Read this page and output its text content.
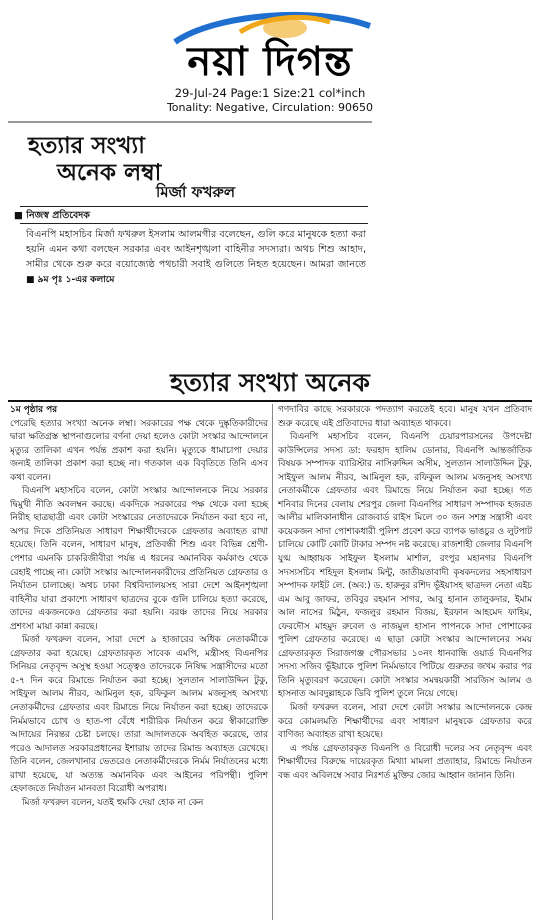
নয়া দিগন্ত
29-Jul-24 Page:1 Size:21 col*inch
Tonality: Negative, Circulation: 90650
হত্যার সংখ্যা
অনেক লম্বা
মির্জা ফখরুল
■ নিজস্ব প্রতিবেদক
বিএনপি মহাসচিব মির্জা ফখরুল ইসলাম আলমগীর বলেছেন, গুলি করে মানুষকে হত্যা করা হয়নি এমন কথা বলছেন সরকার এবং আইনশৃঙ্খলা বাহিনীর সদস্যরা। অথচ শিশু আহাদ, সামীর থেকে শুরু করে বয়োজ্যেষ্ঠ পথচারী সবাই গুলিতে নিহত হয়েছেন। আমরা জানতে ■ ৯ম পৃঃ ১-এর কলামে
হত্যার সংখ্যা অনেক
১ম পৃষ্ঠার পর

পেরেছি হত্যার সংখ্যা অনেক লম্বা। সরকারের পক্ষ থেকে দুষ্কৃতিকারীদের দ্বারা ক্ষতিগ্রস্ত স্থাপনাগুলোর বর্ণনা দেয়া হলেও কোটা সংস্কার আন্দোলনে মৃত্যুর তালিকা এখন পর্যন্ত প্রকাশ করা হয়নি। মৃত্যুকে ধামাচাপা দেয়ার জন্যই তালিকা প্রকাশ করা হচ্ছে না। গতকাল এক বিবৃতিতে তিনি এসব কথা বলেন।

বিএনপি মহাসচিব বলেন, কোটা সংস্কার আন্দোলনকে নিয়ে সরকার দ্বিমুখী নীতি অবলম্বন করছে। একদিকে সরকারের পক্ষ থেকে বলা হচ্ছে নিরীহ ছাত্রছাত্রী এবং কোটা সংস্কারের নেতাদেরকে নির্যাতন করা হবে না, অপর দিকে প্রতিনিয়ত সাধারণ শিক্ষার্থীদেরকে গ্রেফতার অব্যাহত রাখা হয়েছে। তিনি বলেন, সাধারণ মানুষ, প্রতিবন্ধী শিশু এবং বিভিন্ন শ্রেণী-পেশার এমনকি চাকরিজীবীরা পর্যন্ত এ ধরনের অমানবিক কর্মকাণ্ড থেকে রেহাই পাচ্ছে না। কোটা সংস্কার আন্দোলনকারীদের প্রতিনিয়ত গ্রেফতার ও নির্যাতন চালাচ্ছে। অথচ ঢাকা বিশ্ববিদ্যালয়সহ সারা দেশে আইনশৃঙ্খলা বাহিনীর যারা প্রকাশ্যে সাধারণ ছাত্রদের বুকে গুলি চালিয়ে হত্যা করেছে, তাদের একজনকেও গ্রেফতার করা হয়নি। বরঞ্চ তাদের নিয়ে সরকার প্রশংসা মায়া কান্না করছে।

মির্জা ফখরুল বলেন, সারা দেশে ৯ হাজারের অধিক নেতাকর্মীকে গ্রেফতার করা হয়েছে। গ্রেফতারকৃত সাবেক এমপি, মন্ত্রীসহ বিএনপির সিনিয়র নেতৃবৃন্দ অসুস্থ হওয়া সত্ত্বেও তাদেরকে নিষিদ্ধ সন্ত্রাসীদের মতো ৫-৭ দিন করে রিমান্ডে নির্যাতন করা হচ্ছে। সুলতান সালাউদ্দিন টুকু, সাইফুল আলম নীরব, আমিনুল হক, রফিকুল আলম মজনুসহ অসংখ্য নেতাকর্মীদের গ্রেফতার এবং রিমান্ডে নিয়ে নির্যাতন করা হচ্ছে। তাদেরকে নির্মমভাবে চোখ ও হাত-পা বেঁধে শারীরিক নির্যাতন করে স্বীকারোক্তি আদায়ের নিরন্তর চেষ্টা চলছে। তারা আদালতকে অবহিত করেছে, তার পরেও আদালত সরকারপ্রধানের ইশারায় তাদের রিমান্ড অব্যাহত রেখেছে। তিনি বলেন, জেলখানার ভেতরেও নেতাকর্মীদেরকে নির্মম নির্যাতনের মধ্যে রাখা হয়েছে, যা অত্যন্ত অমানবিক এবং আইনের পরিপন্থী। পুলিশ হেফাজতে নির্যাতন মানবতা বিরোধী অপরাধ।

মির্জা ফখরুল বলেন, যতই হুমকি দেয়া হোক না কেন

গণদাবির কাছে সরকারকে পদত্যাগ করতেই হবে। মানুষ যখন প্রতিবাদ শুরু করেছে এই প্রতিবাদের ধারা অব্যাহত থাকবে।

বিএনপি মহাসচিব বলেন, বিএনপি চেয়ারপারসনের উপদেষ্টা কাউন্সিলের সদস্য ডা: ফরহাদ হালিম ডোনার, বিএনপি আন্তর্জাতিক বিষয়ক সম্পাদক ব্যারিস্টার নাসিরুদ্দিন অসীম, সুলতান সালাউদ্দিন টুকু, সাইফুল আলম নীরব, আমিনুল হক, রফিকুল আলম মজনুসহ অসংখ্য নেতাকর্মীকে গ্রেফতার এবং রিমান্ডে নিয়ে নির্যাতন করা হচ্ছে। গত শনিবার দিনের বেলায় শেরপুর জেলা বিএনপির সাধারণ সম্পাদক হজরত আলীর মালিকানাধীন রোজবার্ড রাইস মিলে ৩০ জন সশস্ত্র সন্ত্রাসী এবং কয়েকজন সাদা পোশাকধারী পুলিশ প্রবেশ করে ব্যাপক ভাঙচুর ও লুটপাট চালিয়ে কোটি কোটি টাকার সম্পদ নষ্ট করেছে। রাজশাহী জেলার বিএনপি যুগ্ম আহ্বায়ক সাইফুল ইসলাম মার্শাল, রংপুর মহানগর বিএনপি সদস্যসচিব শহিদুল ইসলাম মিন্টু, জাতীয়তাবাদী কৃষকদলের সহসাধারণ সম্পাদক ফাইট লে. (অব:) ড. হারুনুর রশিদ ভূঁইয়াসহ ছাত্রদল নেতা এইচ এম আবু জাফর, তবিবুর রহমান সাগর, আবু হানান তালুকদার, ইমাম আল নাসের মিঠুন, ফজলুর রহমান বিজয়, ইরফান আহমেদ ফাহিম, ফেরদৌস মাহমুদ রুবেল ও নাজমুল হাসান পাপনকে সাদা পোশাকের পুলিশ গ্রেফতার করেছে। এ ছাড়া কোটা সংস্কার আন্দোলনের সময় গ্রেফতারকৃত সিরাজগঞ্জ পৌরসভার ১০নং ধানবান্ধি ওয়ার্ড বিএনপির সদস্য সজিব ভূঁইয়াকে পুলিশ নির্মমভাবে পিটিয়ে গুরুতর জখম করার পর তিনি মৃত্যুবরণ করেছেন। কোটা সংস্কার সমন্বয়কারী সারজিস আলম ও হাসনাত আবদুল্লাহকে ডিবি পুলিশ তুলে নিয়ে গেছে।

মির্জা ফখরুল বলেন, সারা দেশে কোটা সংস্কার আন্দোলনকে কেন্দ্র করে কোমলমতি শিক্ষার্থীদের এবং সাধারণ মানুষকে গ্রেফতার করে বাণিজ্য অব্যাহত রাখা হয়েছে।

এ পর্যন্ত গ্রেফতারকৃত বিএনপি ও বিরোধী দলের সব নেতৃবৃন্দ এবং শিক্ষার্থীদের বিরুদ্ধে দায়েরকৃত মিথ্যা মামলা প্রত্যাহার, রিমান্ডে নির্যাতন বন্ধ এবং অবিলম্বে সবার নিঃশর্ত মুক্তির জোর আহ্বান জানান তিনি।
